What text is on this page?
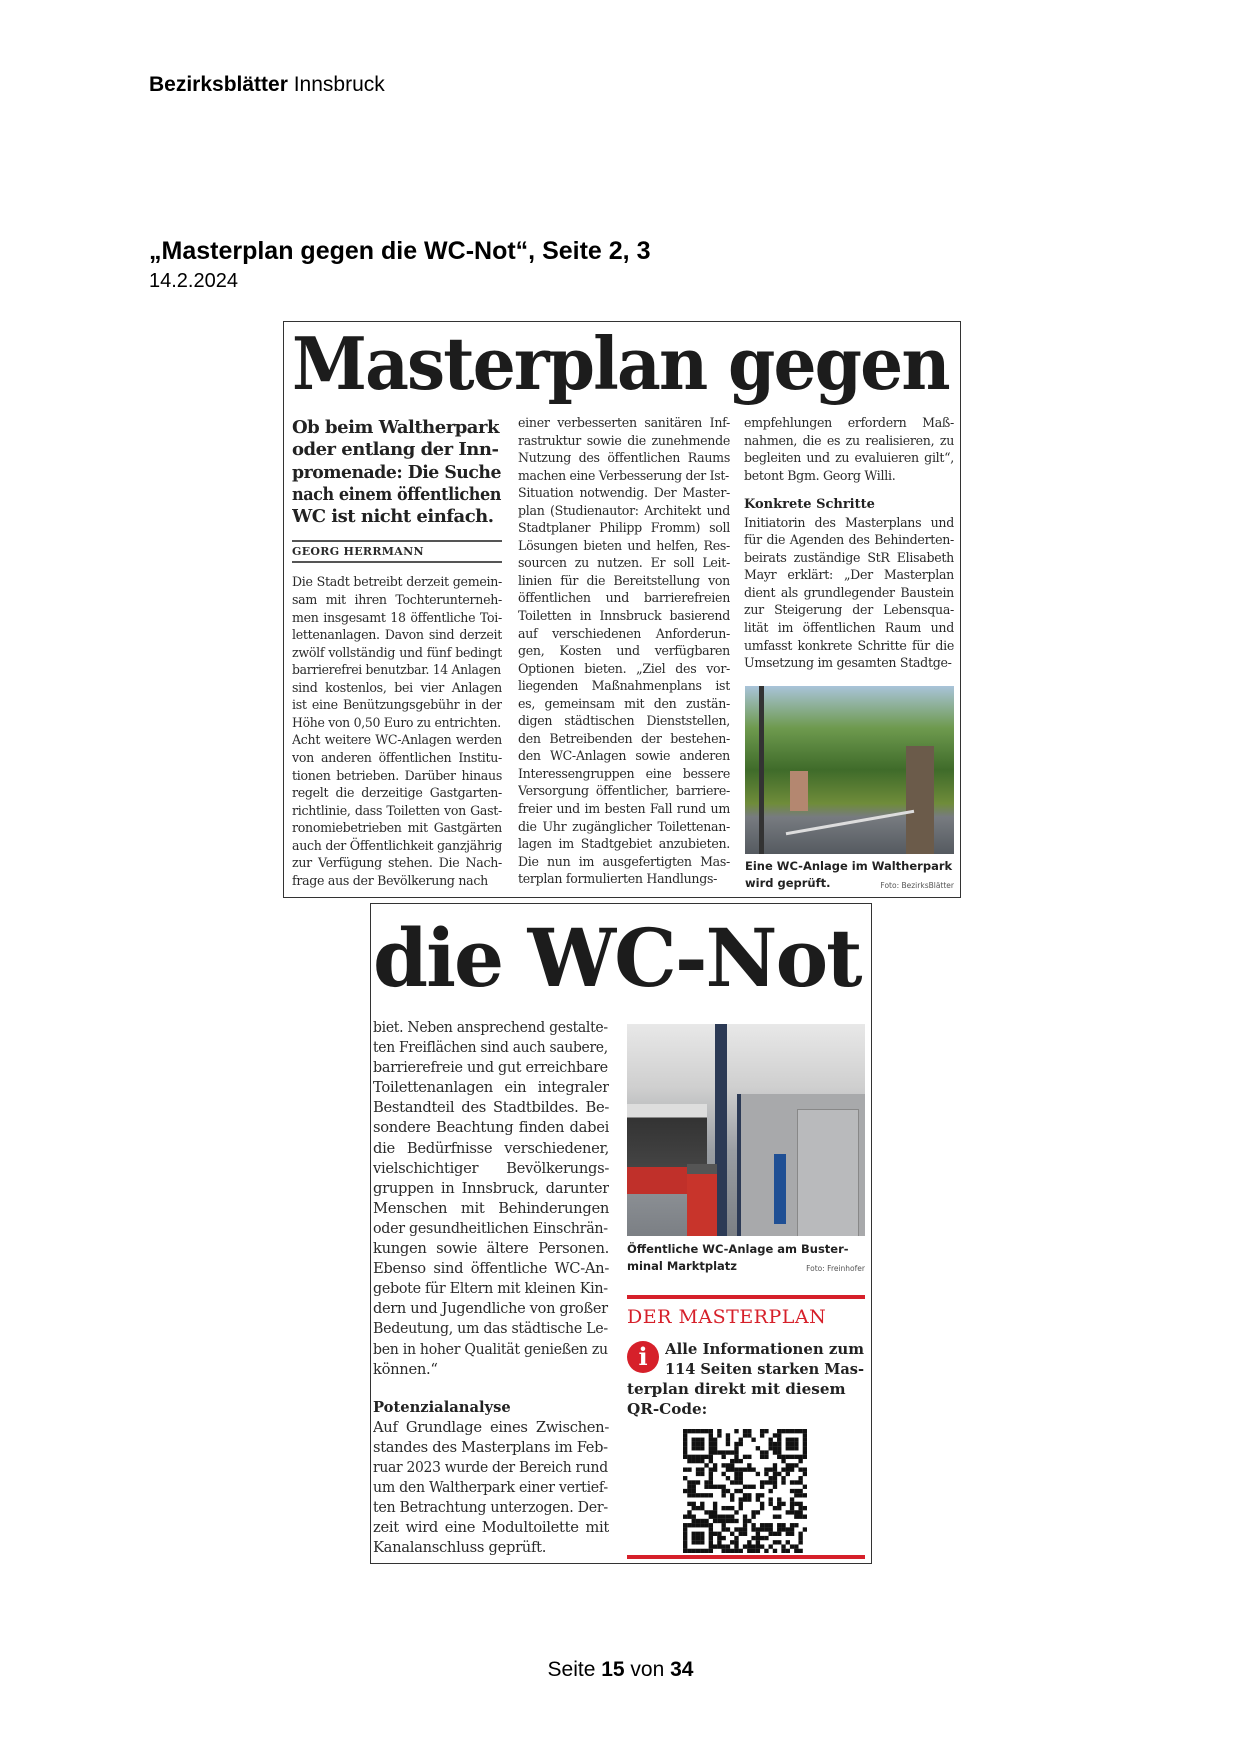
Bezirksblätter Innsbruck
„Masterplan gegen die WC-Not“, Seite 2, 3
14.2.2024
Masterplan gegen
Ob beim Waltherpark
oder entlang der Inn-
promenade: Die Suche
nach einem öffentlichen
WC ist nicht einfach.
GEORG HERRMANN
Die Stadt betreibt derzeit gemein-
sam mit ihren Tochterunterneh-
men insgesamt 18 öffentliche Toi-
lettenanlagen. Davon sind derzeit
zwölf vollständig und fünf bedingt
barrierefrei benutzbar. 14 Anlagen
sind kostenlos, bei vier Anlagen
ist eine Benützungsgebühr in der
Höhe von 0,50 Euro zu entrichten.
Acht weitere WC-Anlagen werden
von anderen öffentlichen Institu-
tionen betrieben. Darüber hinaus
regelt die derzeitige Gastgarten-
richtlinie, dass Toiletten von Gast-
ronomiebetrieben mit Gastgärten
auch der Öffentlichkeit ganzjährig
zur Verfügung stehen. Die Nach-
frage aus der Bevölkerung nach
einer verbesserten sanitären Inf-
rastruktur sowie die zunehmende
Nutzung des öffentlichen Raums
machen eine Verbesserung der Ist-
Situation notwendig. Der Master-
plan (Studienautor: Architekt und
Stadtplaner Philipp Fromm) soll
Lösungen bieten und helfen, Res-
sourcen zu nutzen. Er soll Leit-
linien für die Bereitstellung von
öffentlichen und barrierefreien
Toiletten in Innsbruck basierend
auf verschiedenen Anforderun-
gen, Kosten und verfügbaren
Optionen bieten. „Ziel des vor-
liegenden Maßnahmenplans ist
es, gemeinsam mit den zustän-
digen städtischen Dienststellen,
den Betreibenden der bestehen-
den WC-Anlagen sowie anderen
Interessengruppen eine bessere
Versorgung öffentlicher, barriere-
freier und im besten Fall rund um
die Uhr zugänglicher Toilettenan-
lagen im Stadtgebiet anzubieten.
Die nun im ausgefertigten Mas-
terplan formulierten Handlungs-
empfehlungen erfordern Maß-
nahmen, die es zu realisieren, zu
begleiten und zu evaluieren gilt“,
betont Bgm. Georg Willi.
Konkrete Schritte
Initiatorin des Masterplans und
für die Agenden des Behinderten-
beirats zuständige StR Elisabeth
Mayr erklärt: „Der Masterplan
dient als grundlegender Baustein
zur Steigerung der Lebensqua-
lität im öffentlichen Raum und
umfasst konkrete Schritte für die
Umsetzung im gesamten Stadtge-
Eine WC-Anlage im Waltherpark
wird geprüft.	Foto: BezirksBlätter
die WC-Not
biet. Neben ansprechend gestalte-
ten Freiflächen sind auch saubere,
barrierefreie und gut erreichbare
Toilettenanlagen ein integraler
Bestandteil des Stadtbildes. Be-
sondere Beachtung finden dabei
die Bedürfnisse verschiedener,
vielschichtiger Bevölkerungs-
gruppen in Innsbruck, darunter
Menschen mit Behinderungen
oder gesundheitlichen Einschrän-
kungen sowie ältere Personen.
Ebenso sind öffentliche WC-An-
gebote für Eltern mit kleinen Kin-
dern und Jugendliche von großer
Bedeutung, um das städtische Le-
ben in hoher Qualität genießen zu
können.“
Potenzialanalyse
Auf Grundlage eines Zwischen-
standes des Masterplans im Feb-
ruar 2023 wurde der Bereich rund
um den Waltherpark einer vertief-
ten Betrachtung unterzogen. Der-
zeit wird eine Modultoilette mit
Kanalanschluss geprüft.
Öffentliche WC-Anlage am Buster-
minal Marktplatz	Foto: Freinhofer
DER MASTERPLAN
i	Alle Informationen zum
114 Seiten starken Mas-
terplan direkt mit diesem
QR-Code:
Seite 15 von 34
